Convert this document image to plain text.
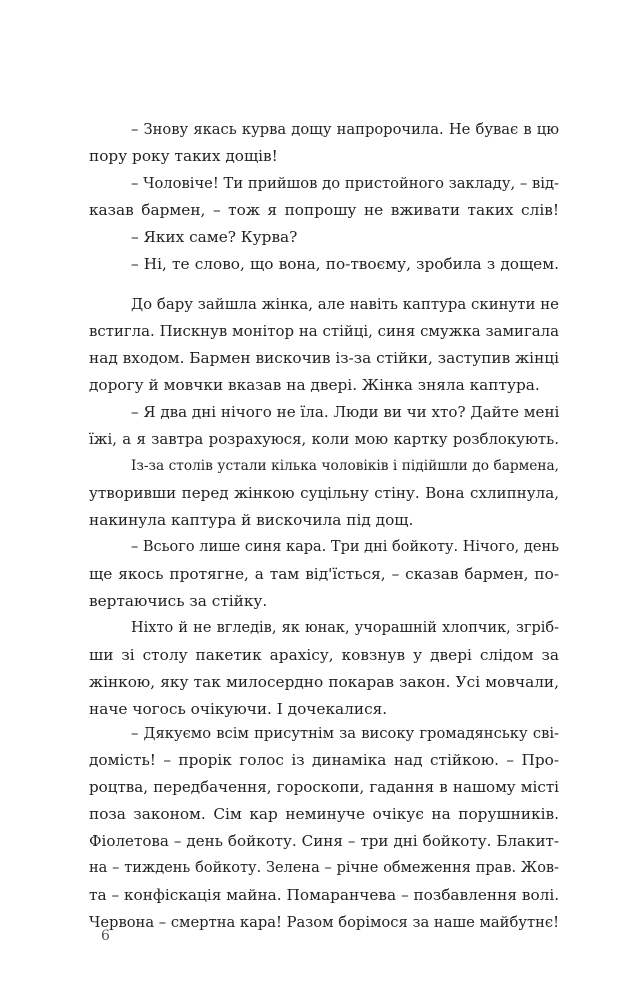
– Знову якась курва дощу напророчила. Не буває в цю
пору року таких дощів!
– Чоловіче! Ти прийшов до пристойного закладу, – від-
казав бармен, – тож я попрошу не вживати таких слів!
– Яких саме? Курва?
– Ні, те слово, що вона, по-твоєму, зробила з дощем.
До бару зайшла жінка, але навіть каптура скинути не
встигла. Пискнув монітор на стійці, синя смужка замигала
над входом. Бармен вискочив із-за стійки, заступив жінці
дорогу й мовчки вказав на двері. Жінка зняла каптура.
– Я два дні нічого не їла. Люди ви чи хто? Дайте мені
їжі, а я завтра розрахуюся, коли мою картку розблокують.
Із-за столів устали кілька чоловіків і підійшли до бармена,
утворивши перед жінкою суцільну стіну. Вона схлипнула,
накинула каптура й вискочила під дощ.
– Всього лише синя кара. Три дні бойкоту. Нічого, день
ще якось протягне, а там від'їсться, – сказав бармен, по-
вертаючись за стійку.
Ніхто й не вгледів, як юнак, учорашній хлопчик, згріб-
ши зі столу пакетик арахісу, ковзнув у двері слідом за
жінкою, яку так милосердно покарав закон. Усі мовчали,
наче чогось очікуючи. І дочекалися.
– Дякуємо всім присутнім за високу громадянську сві-
домість! – прорік голос із динаміка над стійкою. – Про-
роцтва, передбачення, гороскопи, гадання в нашому місті
поза законом. Сім кар неминуче очікує на порушників.
Фіолетова – день бойкоту. Синя – три дні бойкоту. Блакит-
на – тиждень бойкоту. Зелена – річне обмеження прав. Жов-
та – конфіскація майна. Помаранчева – позбавлення волі.
Червона – смертна кара! Разом борімося за наше майбутнє!
6
